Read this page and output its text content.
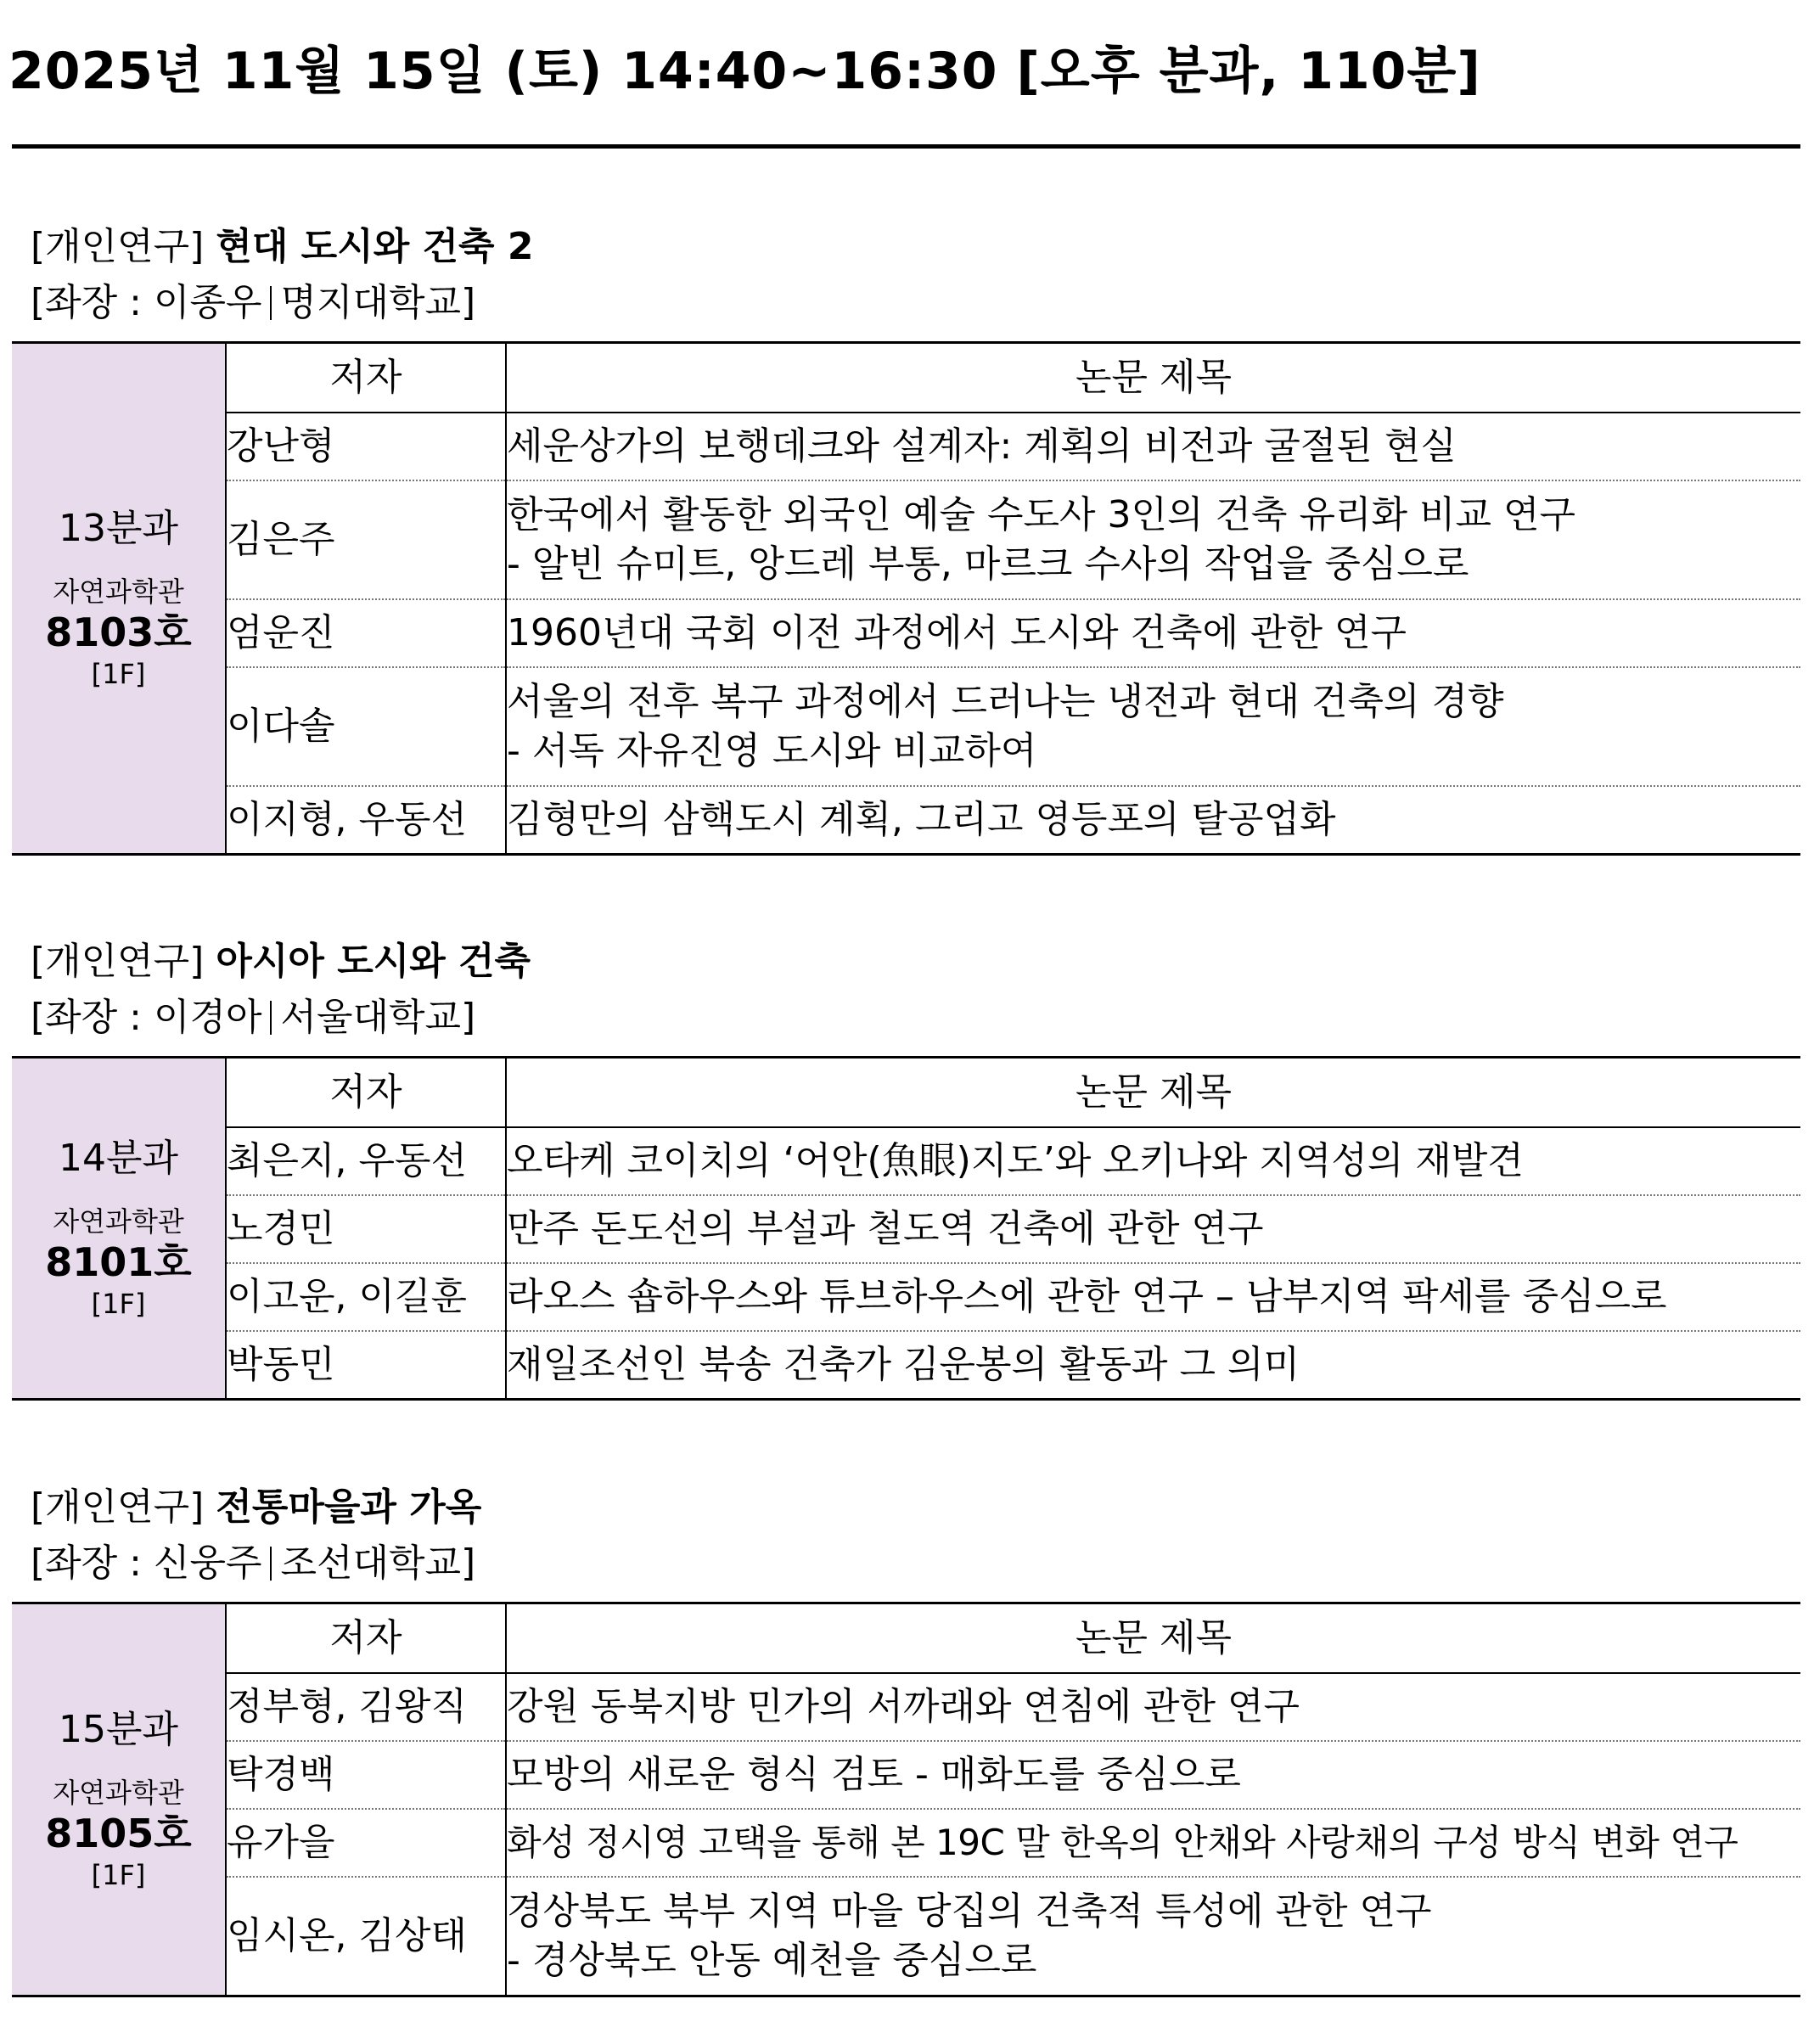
2025년 11월 15일 (토) 14:40~16:30 [오후 분과, 110분]
[개인연구] 현대 도시와 건축 2
[좌장 : 이종우 명지대학교]
13분과
자연과학관
8103호
[1F]	저자	논문 제목
	강난형	세운상가의 보행데크와 설계자: 계획의 비전과 굴절된 현실
	김은주	한국에서 활동한 외국인 예술 수도사 3인의 건축 유리화 비교 연구
- 알빈 슈미트, 앙드레 부통, 마르크 수사의 작업을 중심으로

	엄운진	1960년대 국회 이전 과정에서 도시와 건축에 관한 연구
	이다솔	서울의 전후 복구 과정에서 드러나는 냉전과 현대 건축의 경향
- 서독 자유진영 도시와 비교하여

	이지형, 우동선	김형만의 삼핵도시 계획, 그리고 영등포의 탈공업화
[개인연구] 아시아 도시와 건축
[좌장 : 이경아 서울대학교]
14분과
자연과학관
8101호
[1F]	저자	논문 제목
	최은지, 우동선	오타케 코이치의 ‘어안(魚眼)지도’와 오키나와 지역성의 재발견
	노경민	만주 돈도선의 부설과 철도역 건축에 관한 연구
	이고운, 이길훈	라오스 숍하우스와 튜브하우스에 관한 연구 – 남부지역 팍세를 중심으로
	박동민	재일조선인 북송 건축가 김운봉의 활동과 그 의미
[개인연구] 전통마을과 가옥
[좌장 : 신웅주 조선대학교]
15분과
자연과학관
8105호
[1F]	저자	논문 제목
	정부형, 김왕직	강원 동북지방 민가의 서까래와 연침에 관한 연구
	탁경백	모방의 새로운 형식 검토 - 매화도를 중심으로
	유가을	화성 정시영 고택을 통해 본 19C 말 한옥의 안채와 사랑채의 구성 방식 변화 연구
	임시온, 김상태	경상북도 북부 지역 마을 당집의 건축적 특성에 관한 연구
- 경상북도 안동 예천을 중심으로
